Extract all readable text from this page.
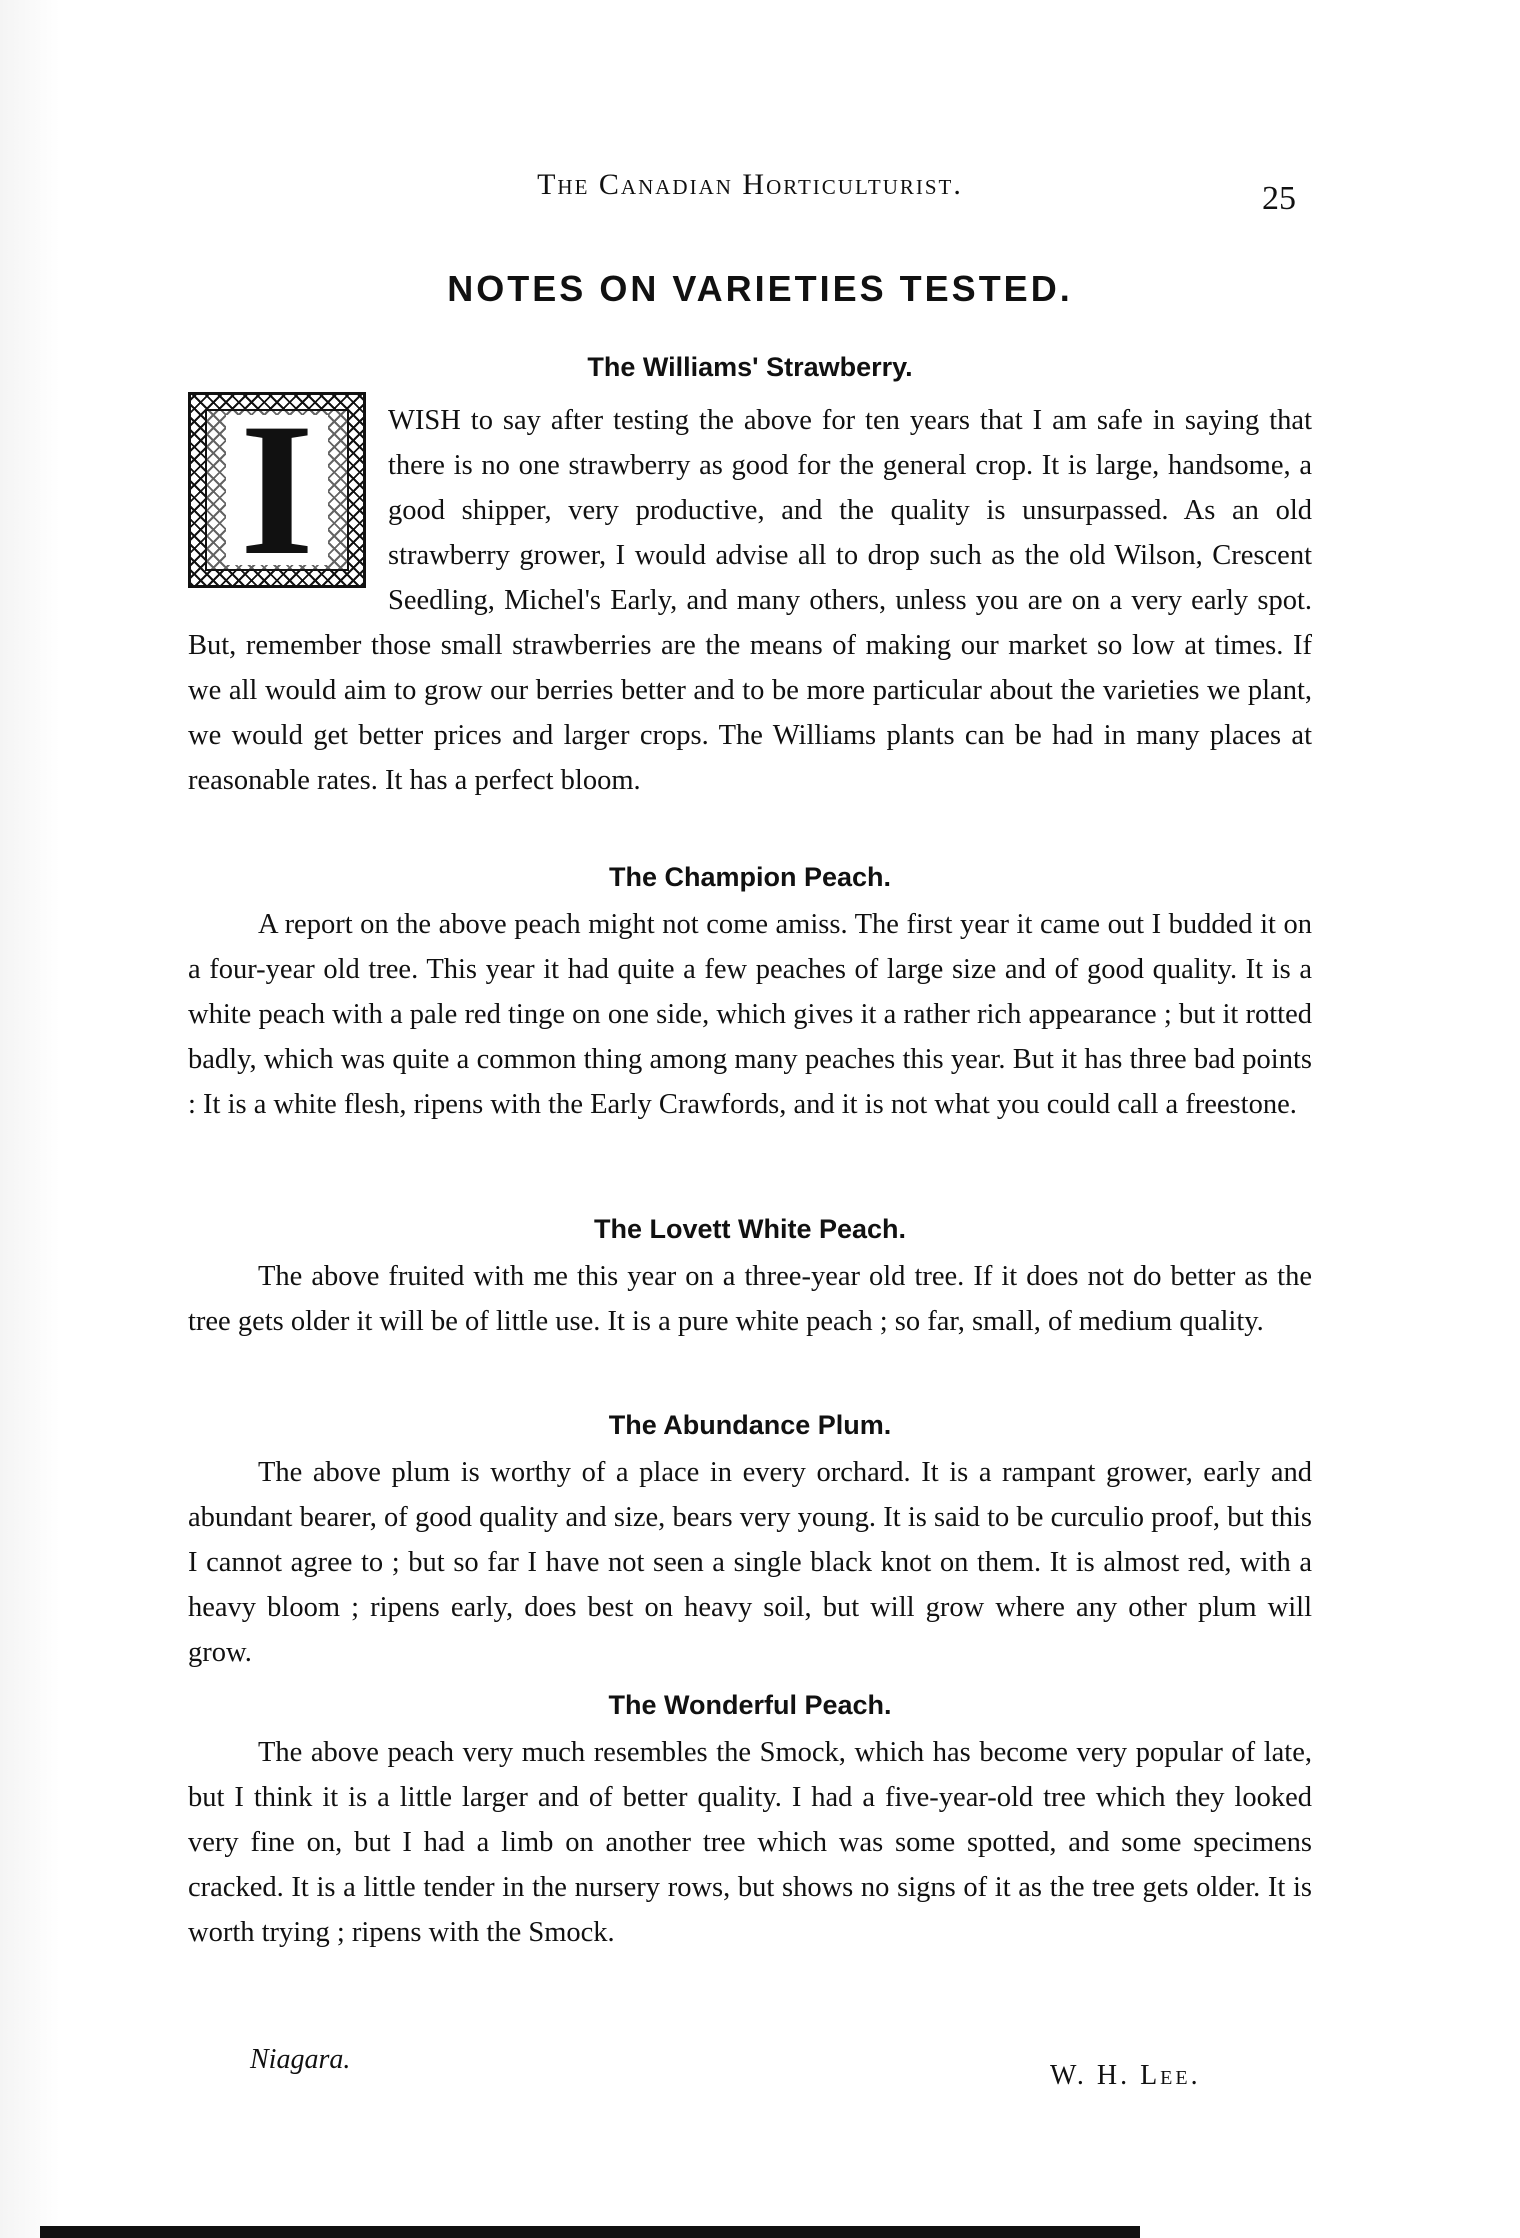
The Canadian Horticulturist.	25
NOTES ON VARIETIES TESTED.
The Williams' Strawberry.
I	WISH to say after testing the above for ten years that I am safe in saying that there is no one strawberry as good for the general crop. It is large, handsome, a good shipper, very productive, and the quality is unsurpassed. As an old strawberry grower, I would advise all to drop such as the old Wilson, Crescent Seedling, Michel's Early, and many others, unless you are on a very early spot. But, remember those small strawberries are the means of making our market so low at times. If we all would aim to grow our berries better and to be more particular about the varieties we plant, we would get better prices and larger crops. The Williams plants can be had in many places at reasonable rates. It has a perfect bloom.
The Champion Peach.
A report on the above peach might not come amiss. The first year it came out I budded it on a four-year old tree. This year it had quite a few peaches of large size and of good quality. It is a white peach with a pale red tinge on one side, which gives it a rather rich appearance ; but it rotted badly, which was quite a common thing among many peaches this year. But it has three bad points : It is a white flesh, ripens with the Early Crawfords, and it is not what you could call a freestone.
The Lovett White Peach.
The above fruited with me this year on a three-year old tree. If it does not do better as the tree gets older it will be of little use. It is a pure white peach ; so far, small, of medium quality.
The Abundance Plum.
The above plum is worthy of a place in every orchard. It is a rampant grower, early and abundant bearer, of good quality and size, bears very young. It is said to be curculio proof, but this I cannot agree to ; but so far I have not seen a single black knot on them. It is almost red, with a heavy bloom ; ripens early, does best on heavy soil, but will grow where any other plum will grow.
The Wonderful Peach.
The above peach very much resembles the Smock, which has become very popular of late, but I think it is a little larger and of better quality. I had a five-year-old tree which they looked very fine on, but I had a limb on another tree which was some spotted, and some specimens cracked. It is a little tender in the nursery rows, but shows no signs of it as the tree gets older. It is worth trying ; ripens with the Smock.
Niagara.
W. H. Lee.
